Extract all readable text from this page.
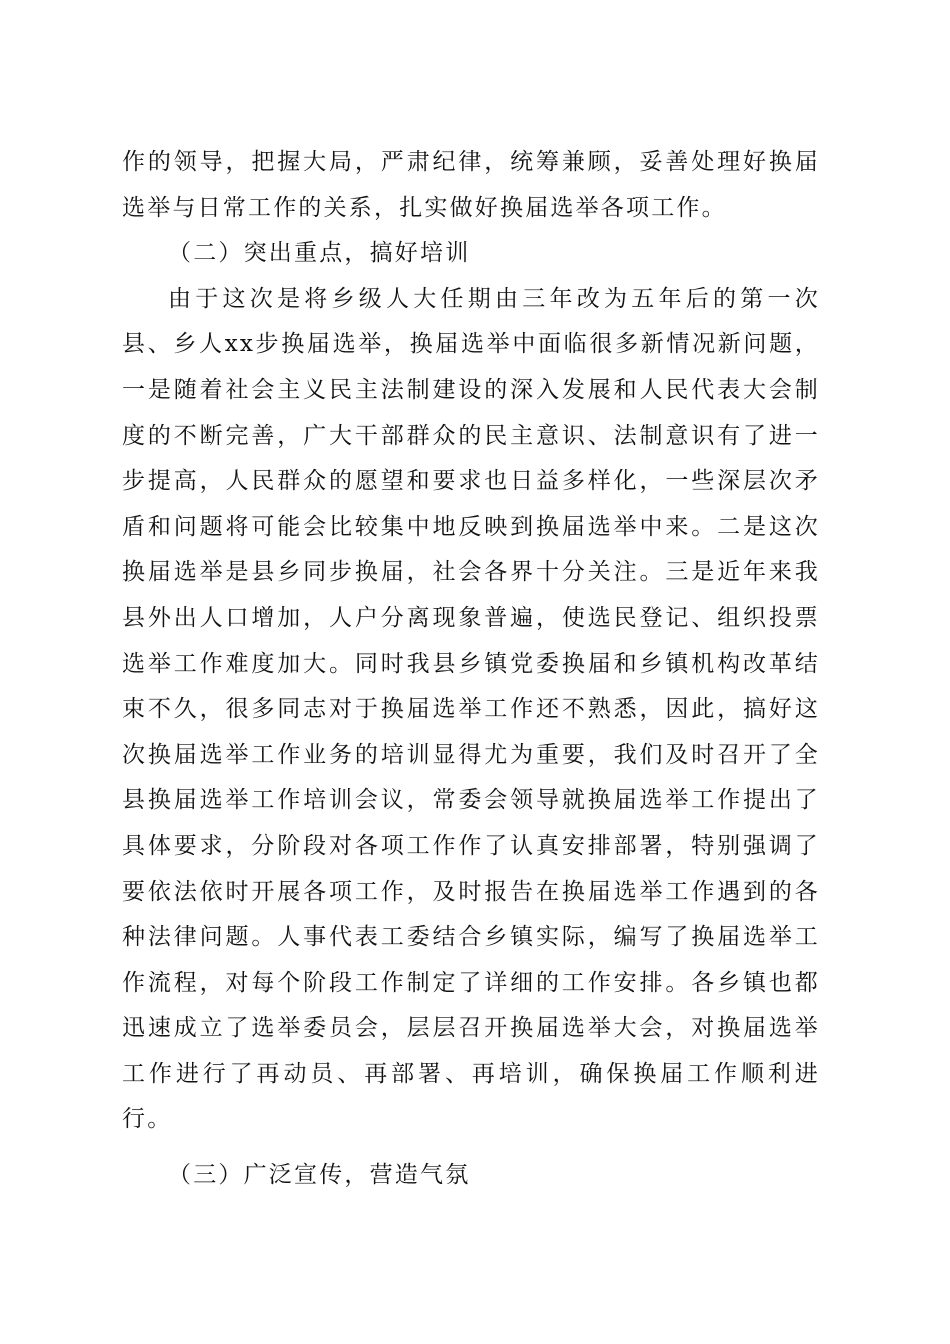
作的领导，把握大局，严肃纪律，统筹兼顾，妥善处理好换届选举与日常工作的关系，扎实做好换届选举各项工作。

（二）突出重点，搞好培训

由于这次是将乡级人大任期由三年改为五年后的第一次县、乡人xx步换届选举，换届选举中面临很多新情况新问题，一是随着社会主义民主法制建设的深入发展和人民代表大会制度的不断完善，广大干部群众的民主意识、法制意识有了进一步提高，人民群众的愿望和要求也日益多样化，一些深层次矛盾和问题将可能会比较集中地反映到换届选举中来。二是这次换届选举是县乡同步换届，社会各界十分关注。三是近年来我县外出人口增加，人户分离现象普遍，使选民登记、组织投票选举工作难度加大。同时我县乡镇党委换届和乡镇机构改革结束不久，很多同志对于换届选举工作还不熟悉，因此，搞好这次换届选举工作业务的培训显得尤为重要，我们及时召开了全县换届选举工作培训会议，常委会领导就换届选举工作提出了具体要求，分阶段对各项工作作了认真安排部署，特别强调了要依法依时开展各项工作，及时报告在换届选举工作遇到的各种法律问题。人事代表工委结合乡镇实际，编写了换届选举工作流程，对每个阶段工作制定了详细的工作安排。各乡镇也都迅速成立了选举委员会，层层召开换届选举大会，对换届选举工作进行了再动员、再部署、再培训，确保换届工作顺利进行。

（三）广泛宣传，营造气氛
